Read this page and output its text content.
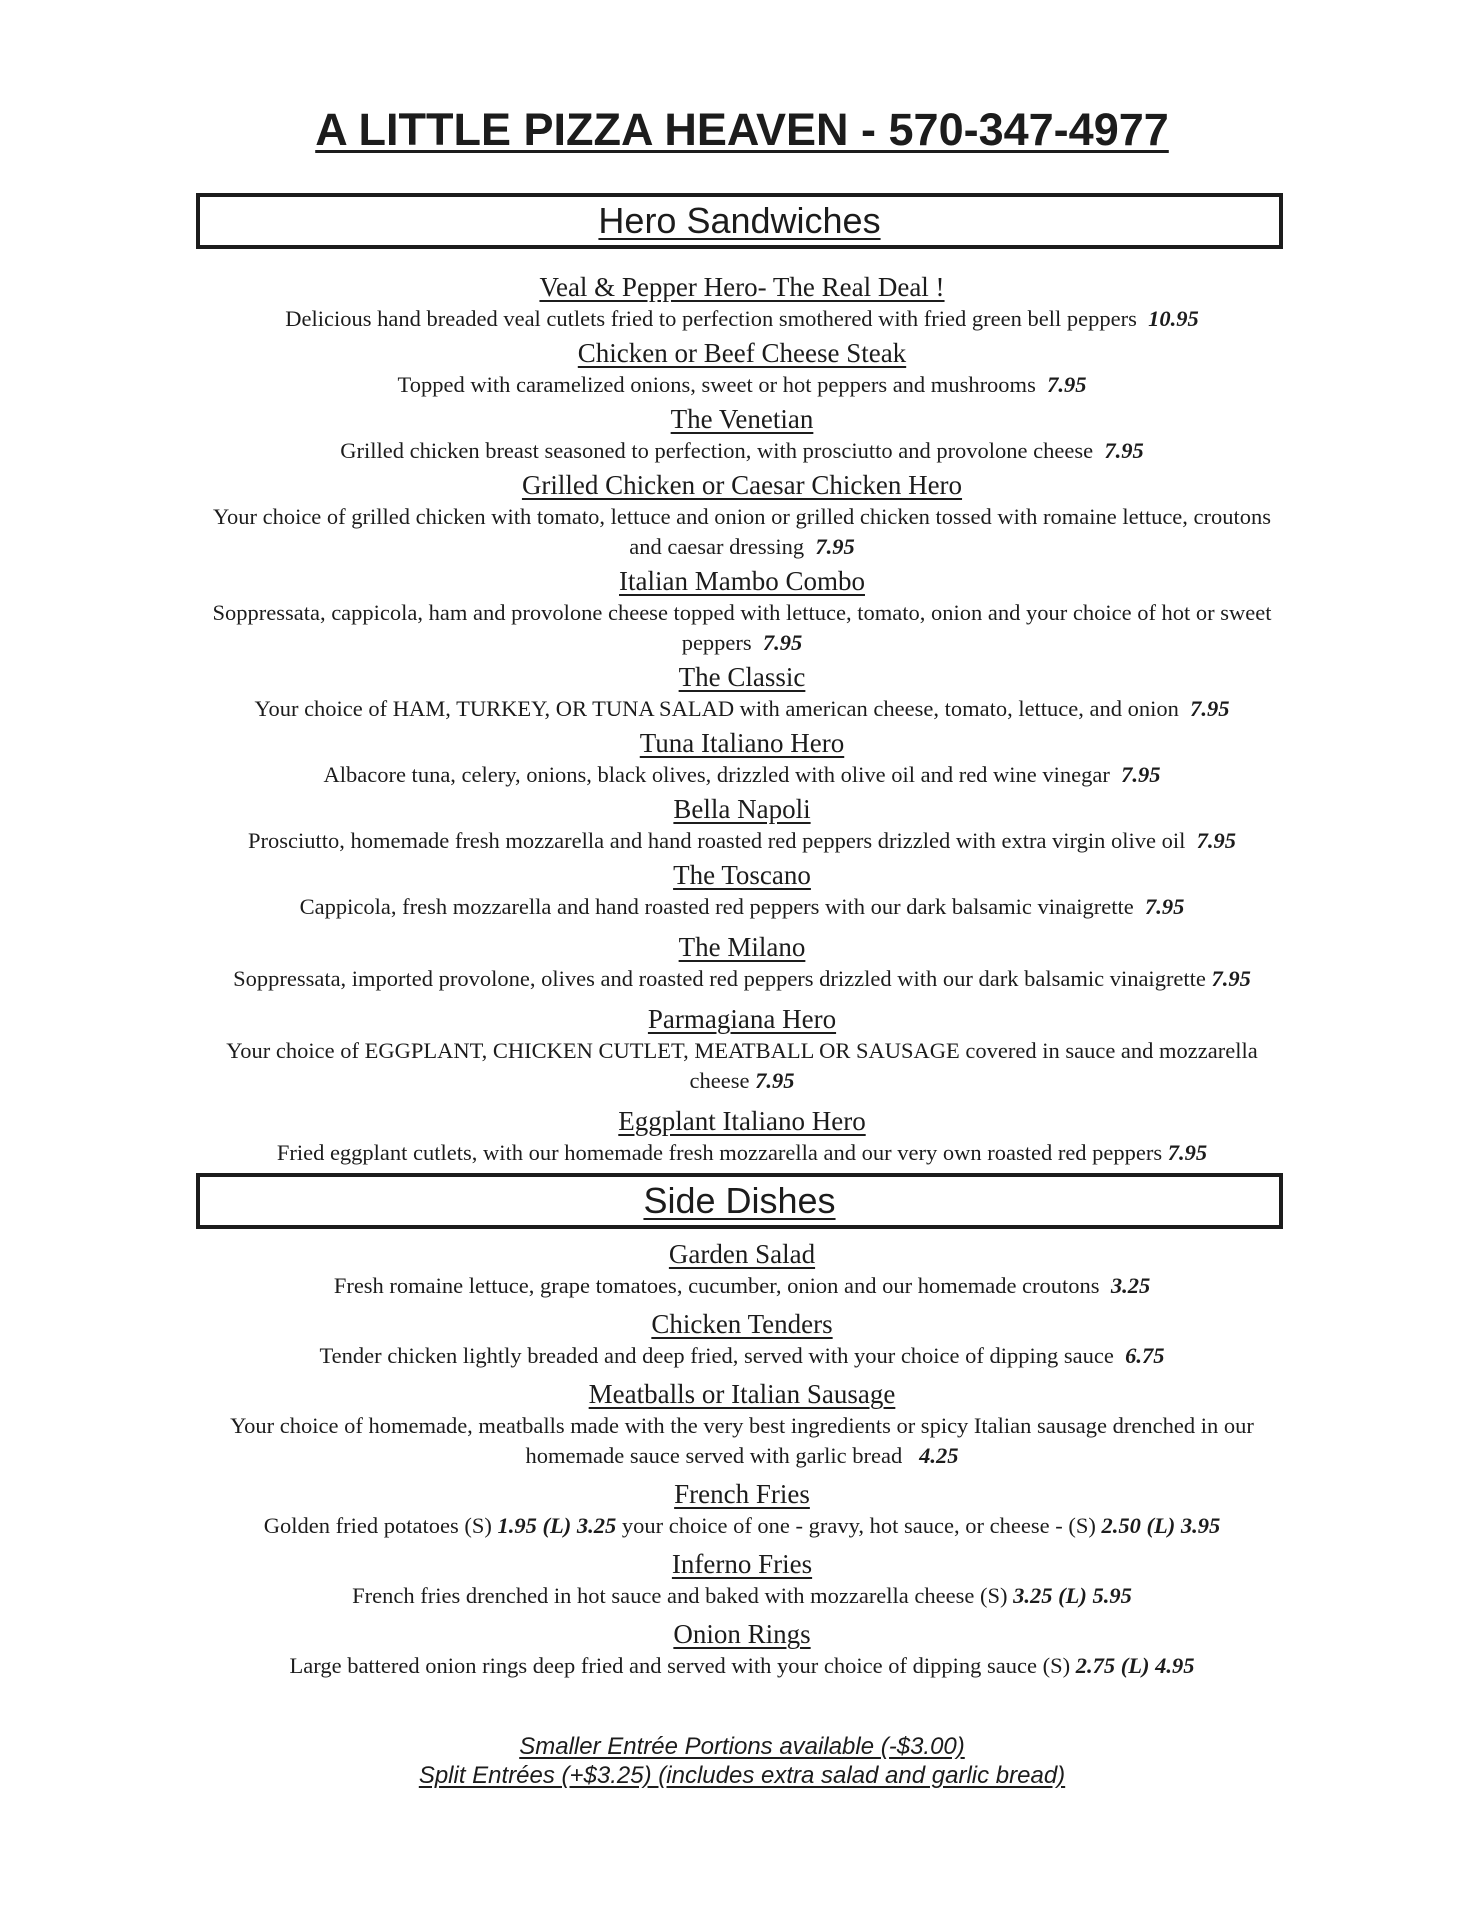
A LITTLE PIZZA HEAVEN - 570-347-4977
Hero Sandwiches
Veal & Pepper Hero- The Real Deal !
Delicious hand breaded veal cutlets fried to perfection smothered with fried green bell peppers 10.95
Chicken or Beef Cheese Steak
Topped with caramelized onions, sweet or hot peppers and mushrooms 7.95
The Venetian
Grilled chicken breast seasoned to perfection, with prosciutto and provolone cheese 7.95
Grilled Chicken or Caesar Chicken Hero
Your choice of grilled chicken with tomato, lettuce and onion or grilled chicken tossed with romaine lettuce, croutons and caesar dressing 7.95
Italian Mambo Combo
Soppressata, cappicola, ham and provolone cheese topped with lettuce, tomato, onion and your choice of hot or sweet peppers 7.95
The Classic
Your choice of HAM, TURKEY, OR TUNA SALAD with american cheese, tomato, lettuce, and onion 7.95
Tuna Italiano Hero
Albacore tuna, celery, onions, black olives, drizzled with olive oil and red wine vinegar 7.95
Bella Napoli
Prosciutto, homemade fresh mozzarella and hand roasted red peppers drizzled with extra virgin olive oil 7.95
The Toscano
Cappicola, fresh mozzarella and hand roasted red peppers with our dark balsamic vinaigrette 7.95
The Milano
Soppressata, imported provolone, olives and roasted red peppers drizzled with our dark balsamic vinaigrette 7.95
Parmagiana Hero
Your choice of EGGPLANT, CHICKEN CUTLET, MEATBALL OR SAUSAGE covered in sauce and mozzarella cheese 7.95
Eggplant Italiano Hero
Fried eggplant cutlets, with our homemade fresh mozzarella and our very own roasted red peppers 7.95
Side Dishes
Garden Salad
Fresh romaine lettuce, grape tomatoes, cucumber, onion and our homemade croutons 3.25
Chicken Tenders
Tender chicken lightly breaded and deep fried, served with your choice of dipping sauce 6.75
Meatballs or Italian Sausage
Your choice of homemade, meatballs made with the very best ingredients or spicy Italian sausage drenched in our homemade sauce served with garlic bread 4.25
French Fries
Golden fried potatoes (S) 1.95 (L) 3.25 your choice of one - gravy, hot sauce, or cheese - (S) 2.50 (L) 3.95
Inferno Fries
French fries drenched in hot sauce and baked with mozzarella cheese (S) 3.25 (L) 5.95
Onion Rings
Large battered onion rings deep fried and served with your choice of dipping sauce (S) 2.75 (L) 4.95
Smaller Entrée Portions available (-$3.00)
Split Entrées (+$3.25) (includes extra salad and garlic bread)
